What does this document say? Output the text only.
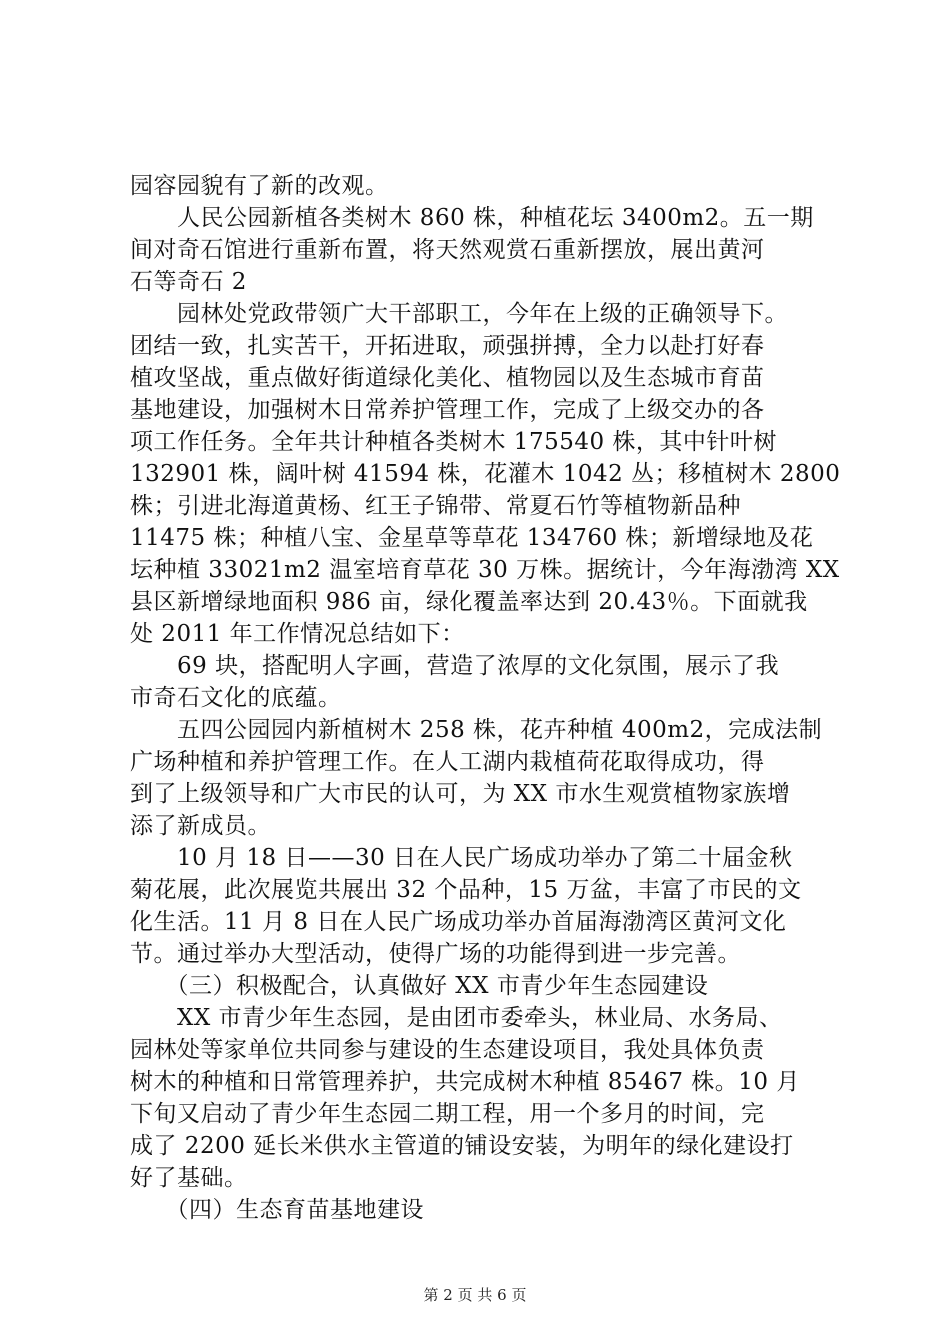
园容园貌有了新的改观。
　　人民公园新植各类树木 860 株，种植花坛 3400m2。五一期
间对奇石馆进行重新布置，将天然观赏石重新摆放，展出黄河
石等奇石 2
　　园林处党政带领广大干部职工，今年在上级的正确领导下。
团结一致，扎实苦干，开拓进取，顽强拼搏，全力以赴打好春
植攻坚战，重点做好街道绿化美化、植物园以及生态城市育苗
基地建设，加强树木日常养护管理工作，完成了上级交办的各
项工作任务。全年共计种植各类树木 175540 株，其中针叶树
132901 株，阔叶树 41594 株，花灌木 1042 丛；移植树木 2800
株；引进北海道黄杨、红王子锦带、常夏石竹等植物新品种
11475 株；种植八宝、金星草等草花 134760 株；新增绿地及花
坛种植 33021m2 温室培育草花 30 万株。据统计，今年海渤湾 XX
县区新增绿地面积 986 亩，绿化覆盖率达到 20.43％。下面就我
处 2011 年工作情况总结如下：
　　69 块，搭配明人字画，营造了浓厚的文化氛围，展示了我
市奇石文化的底蕴。
　　五四公园园内新植树木 258 株，花卉种植 400m2，完成法制
广场种植和养护管理工作。在人工湖内栽植荷花取得成功，得
到了上级领导和广大市民的认可，为 XX 市水生观赏植物家族增
添了新成员。
　　10 月 18 日——30 日在人民广场成功举办了第二十届金秋
菊花展，此次展览共展出 32 个品种，15 万盆，丰富了市民的文
化生活。11 月 8 日在人民广场成功举办首届海渤湾区黄河文化
节。通过举办大型活动，使得广场的功能得到进一步完善。
　　（三）积极配合，认真做好 XX 市青少年生态园建设
　　XX 市青少年生态园，是由团市委牵头，林业局、水务局、
园林处等家单位共同参与建设的生态建设项目，我处具体负责
树木的种植和日常管理养护，共完成树木种植 85467 株。10 月
下旬又启动了青少年生态园二期工程，用一个多月的时间，完
成了 2200 延长米供水主管道的铺设安装，为明年的绿化建设打
好了基础。
　　（四）生态育苗基地建设
第 2 页 共 6 页
